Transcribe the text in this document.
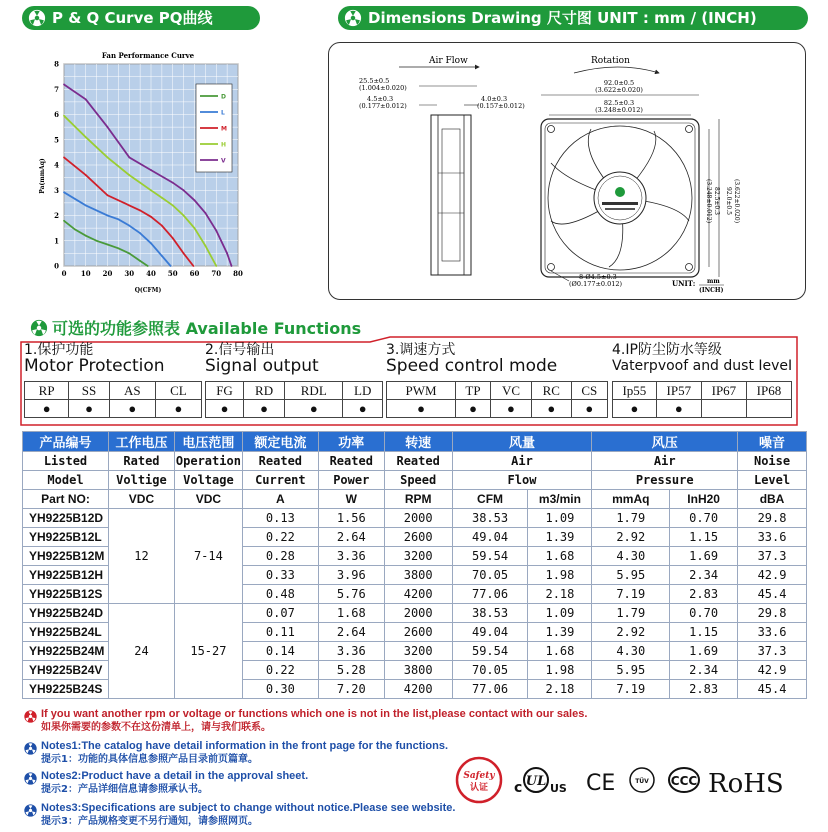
P & Q Curve PQ曲线	Dimensions Drawing 尺寸图 UNIT : mm / (INCH)
Fan Performance Curve
0 10 20 30 40 50 60 70 80
0
1
2
3
4
5
6
7
8
D
L
M
H
V
Q(CFM)
Pa(mmAq)
Air Flow	Rotation
25.5±0.5
(1.004±0.020)
4.5±0.3
(0.177±0.012)
4.0±0.3
(0.157±0.012)
92.0±0.5
(3.622±0.020)
82.5±0.3
(3.248±0.012)
82.5±0.3
(3.248±0.012) 92.0±0.5 (3.622±0.020)
8-Ø4.5±0.3
(Ø0.177±0.012)	UNIT: mm
(INCH)
可选的功能参照表 Available Functions
1.保护功能
Motor Protection
2.信号输出
Signal output
3.调速方式
Speed control mode
4.IP防尘防水等级
Vaterpvoof and dust IeveI
RP	SS	AS	CL
●	●	●	●
FG	RD	RDL	LD
●	●	●	●
PWM	TP	VC	RC	CS
●	●	●	●	●
Ip55	IP57	IP67	IP68
●	●		
产品编号	工作电压	电压范围	额定电流	功率	转速	风量		风压		噪音
Listed	Rated	Operation	Reated	Reated	Reated	Air		Air		Noise
Model	Voltige	Voltage	Current	Power	Speed	Flow		Pressure		Level
Part NO:	VDC	VDC	A	W	RPM	CFM	m3/min	mmAq	InH20	dBA
YH9225B12D	12	7-14	0.13	1.56	2000	38.53	1.09	1.79	0.70	29.8
YH9225B12L			0.22	2.64	2600	49.04	1.39	2.92	1.15	33.6
YH9225B12M			0.28	3.36	3200	59.54	1.68	4.30	1.69	37.3
YH9225B12H			0.33	3.96	3800	70.05	1.98	5.95	2.34	42.9
YH9225B12S			0.48	5.76	4200	77.06	2.18	7.19	2.83	45.4
YH9225B24D	24	15-27	0.07	1.68	2000	38.53	1.09	1.79	0.70	29.8
YH9225B24L			0.11	2.64	2600	49.04	1.39	2.92	1.15	33.6
YH9225B24M			0.14	3.36	3200	59.54	1.68	4.30	1.69	37.3
YH9225B24V			0.22	5.28	3800	70.05	1.98	5.95	2.34	42.9
YH9225B24S			0.30	7.20	4200	77.06	2.18	7.19	2.83	45.4
If you want another rpm or voltage or functions which one is not in the list,please contact with our sales.
如果你需要的参数不在这份清单上，请与我们联系。
Notes1:The catalog have detail information in the front page for the functions.
提示1：功能的具体信息参照产品目录前页篇章。
Notes2:Product have a detail in the approval sheet.
提示2：产品详细信息请参照承认书。
Notes3:Specifications are subject to change without notice.Please see website.
提示3：产品规格变更不另行通知，请参照网页。
Safety
认证 c UL US CE	TÜV CCC RoHS
